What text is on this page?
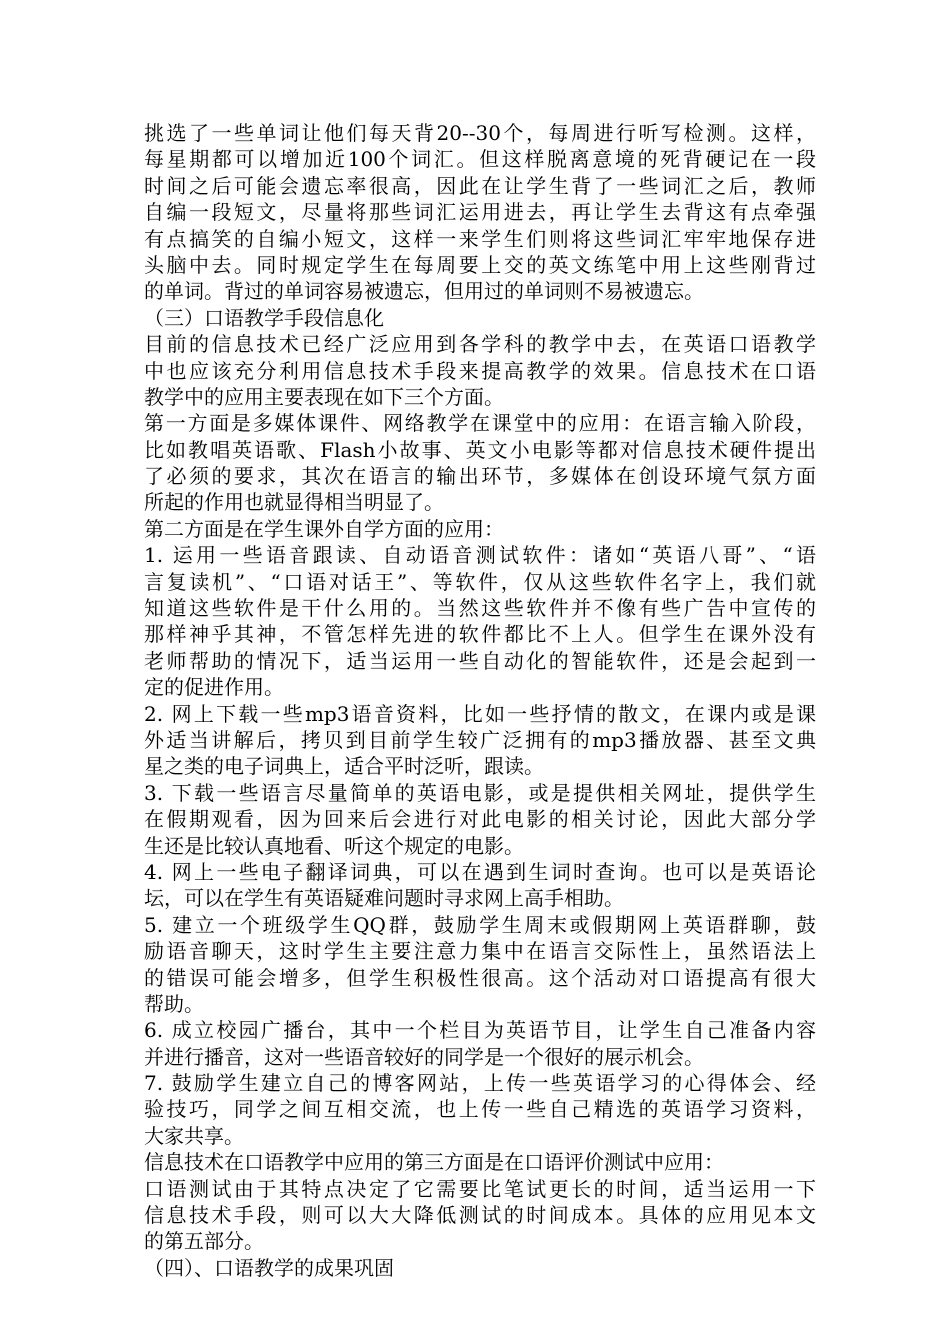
挑选了一些单词让他们每天背20--30个，每周进行听写检测。这样，
每星期都可以增加近100个词汇。但这样脱离意境的死背硬记在一段
时间之后可能会遗忘率很高，因此在让学生背了一些词汇之后，教师
自编一段短文，尽量将那些词汇运用进去，再让学生去背这有点牵强
有点搞笑的自编小短文，这样一来学生们则将这些词汇牢牢地保存进
头脑中去。同时规定学生在每周要上交的英文练笔中用上这些刚背过
的单词。背过的单词容易被遗忘，但用过的单词则不易被遗忘。
（三）口语教学手段信息化
目前的信息技术已经广泛应用到各学科的教学中去，在英语口语教学
中也应该充分利用信息技术手段来提高教学的效果。信息技术在口语
教学中的应用主要表现在如下三个方面。
第一方面是多媒体课件、网络教学在课堂中的应用：在语言输入阶段，
比如教唱英语歌、Flash小故事、英文小电影等都对信息技术硬件提出
了必须的要求，其次在语言的输出环节，多媒体在创设环境气氛方面
所起的作用也就显得相当明显了。
第二方面是在学生课外自学方面的应用：
1. 运用一些语音跟读、自动语音测试软件：诸如“英语八哥”、“语
言复读机”、“口语对话王”、等软件，仅从这些软件名字上，我们就
知道这些软件是干什么用的。当然这些软件并不像有些广告中宣传的
那样神乎其神，不管怎样先进的软件都比不上人。但学生在课外没有
老师帮助的情况下，适当运用一些自动化的智能软件，还是会起到一
定的促进作用。
2. 网上下载一些mp3语音资料，比如一些抒情的散文，在课内或是课
外适当讲解后，拷贝到目前学生较广泛拥有的mp3播放器、甚至文典
星之类的电子词典上，适合平时泛听，跟读。
3. 下载一些语言尽量简单的英语电影，或是提供相关网址，提供学生
在假期观看，因为回来后会进行对此电影的相关讨论，因此大部分学
生还是比较认真地看、听这个规定的电影。
4. 网上一些电子翻译词典，可以在遇到生词时查询。也可以是英语论
坛，可以在学生有英语疑难问题时寻求网上高手相助。
5. 建立一个班级学生QQ群，鼓励学生周末或假期网上英语群聊，鼓
励语音聊天，这时学生主要注意力集中在语言交际性上，虽然语法上
的错误可能会增多，但学生积极性很高。这个活动对口语提高有很大
帮助。
6. 成立校园广播台，其中一个栏目为英语节目，让学生自己准备内容
并进行播音，这对一些语音较好的同学是一个很好的展示机会。
7. 鼓励学生建立自己的博客网站，上传一些英语学习的心得体会、经
验技巧，同学之间互相交流，也上传一些自己精选的英语学习资料，
大家共享。
信息技术在口语教学中应用的第三方面是在口语评价测试中应用：
口语测试由于其特点决定了它需要比笔试更长的时间，适当运用一下
信息技术手段，则可以大大降低测试的时间成本。具体的应用见本文
的第五部分。
（四）、口语教学的成果巩固
